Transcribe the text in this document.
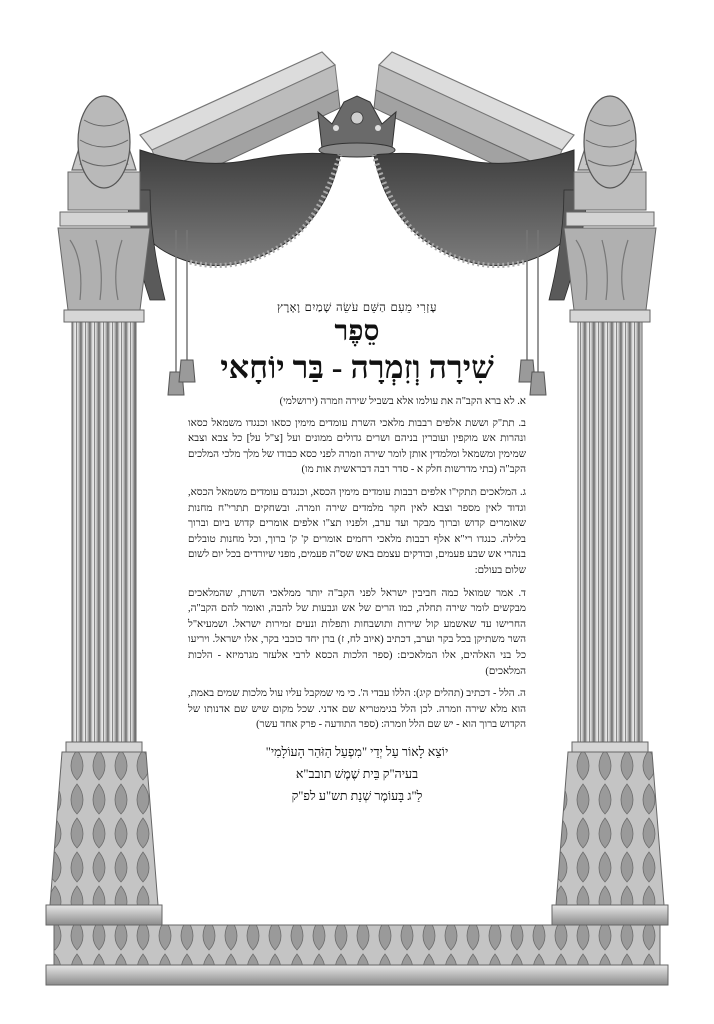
עֶזְרִי מֵעִם הַשֵּׁם עֹשֵׂה שָׁמַיִם וָאָרֶץ

סֵפֶר
שִׁירָה וְזִמְרָה - בַּר יוֹחָאי

א. לא ברא הקב"ה את עולמו אלא בשביל שירה וזמרה (ירושלמי)

ב. תת"ק וששת אלפים רבבות מלאכי השרת עומדים מימין כסאו וכנגדו משמאל כסאו ונהרות אש מוקפין ועוברין בניהם ושרים גדולים ממונים ועל [צ"ל על] כל צבא וצבא שמימין ומשמאל ומלמדין אותן לומר שירה וזמרה לפני כסא כבודו של מלך מלכי המלכים הקב"ה (בתי מדרשות חלק א - סדר רבה דבראשית אות מו)

ג. המלאכים תתקי"ו אלפים רבבות עומדים מימין הכסא, וכנגדם עומדים משמאל הכסא, וגדוד לאין מספר וצבא לאין חקר מלמדים שירה וזמרה. ובשחקים תתרי"ח מחנות שאומרים קדוש וברוך מבקר ועד ערב, ולפניו תצ"ו אלפים אומרים קדוש ביום וברוך בלילה. כנגדו רי"א אלף רבבות מלאכי רחמים אומרים ק' ק' ברוך, וכל מחנות טובלים בנהרי אש שבע פעמים, ובודקים עצמם באש שס"ה פעמים, מפני שיורדים בכל יום לשום שלום בעולם:

ד. אמר שמואל כמה חביבין ישראל לפני הקב"ה יותר ממלאכי השרת, שהמלאכים מבקשים לומר שירה תחלה, כמו הרים של אש וגבעות של להבה, ואומר להם הקב"ה, החרישו עד שאשמע קול שירות ותושבחות ותפלות ונעים זמירות ישראל. ושמעיא"ל השר משתיקן בכל בקר וערב, דכתיב (איוב לח, ז) ברן יחד כוכבי בקר, אלו ישראל. ויריעו כל בני האלהים, אלו המלאכים: (ספר הלכות הכסא לרבי אלעזר מגרמיזא - הלכות המלאכים)

ה. הלל - דכתיב (תהלים קיג): הללו עבדי ה'. כי מי שמקבל עליו עול מלכות שמים באמת, הוא מלא שירה וזמרה. לכן הלל בגימטריא שם אדני. שכל מקום שיש שם אדנותו של הקדוש ברוך הוא - יש שם הלל וזמרה: (ספר התודעה - פרק אחד עשר)

יוֹצֵא לָאוֹר עַל יְדֵי "מִפְעַל הַזֹּהַר הָעוֹלָמִי"

בעיה"ק בֵּית שֶׁמֶשׁ תובב"א

לַ"ג בָּעוֹמֶר שְׁנַת תש"ע לפ"ק
